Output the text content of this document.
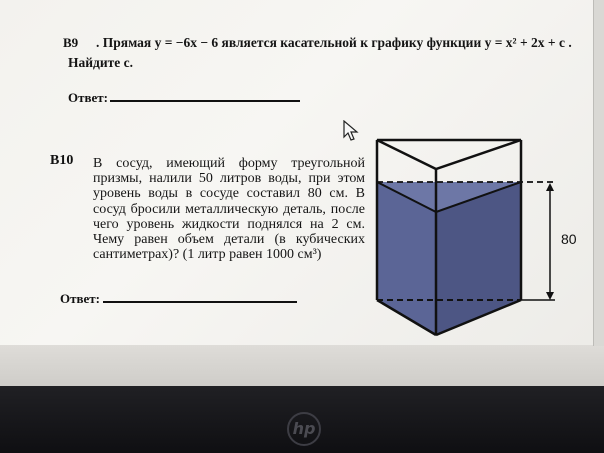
B9 . Прямая y = −6x − 6 является касательной к графику функции y = x² + 2x + c .
Найдите c.
Ответ:
B10 В сосуд, имеющий форму треугольной призмы, налили 50 литров воды, при этом уровень воды в сосуде составил 80 см. В сосуд бросили металлическую деталь, после чего уровень жидкости поднялся на 2 см. Чему равен объем детали (в кубических сантиметрах)? (1 литр равен 1000 см³)
Ответ:
80
hp
